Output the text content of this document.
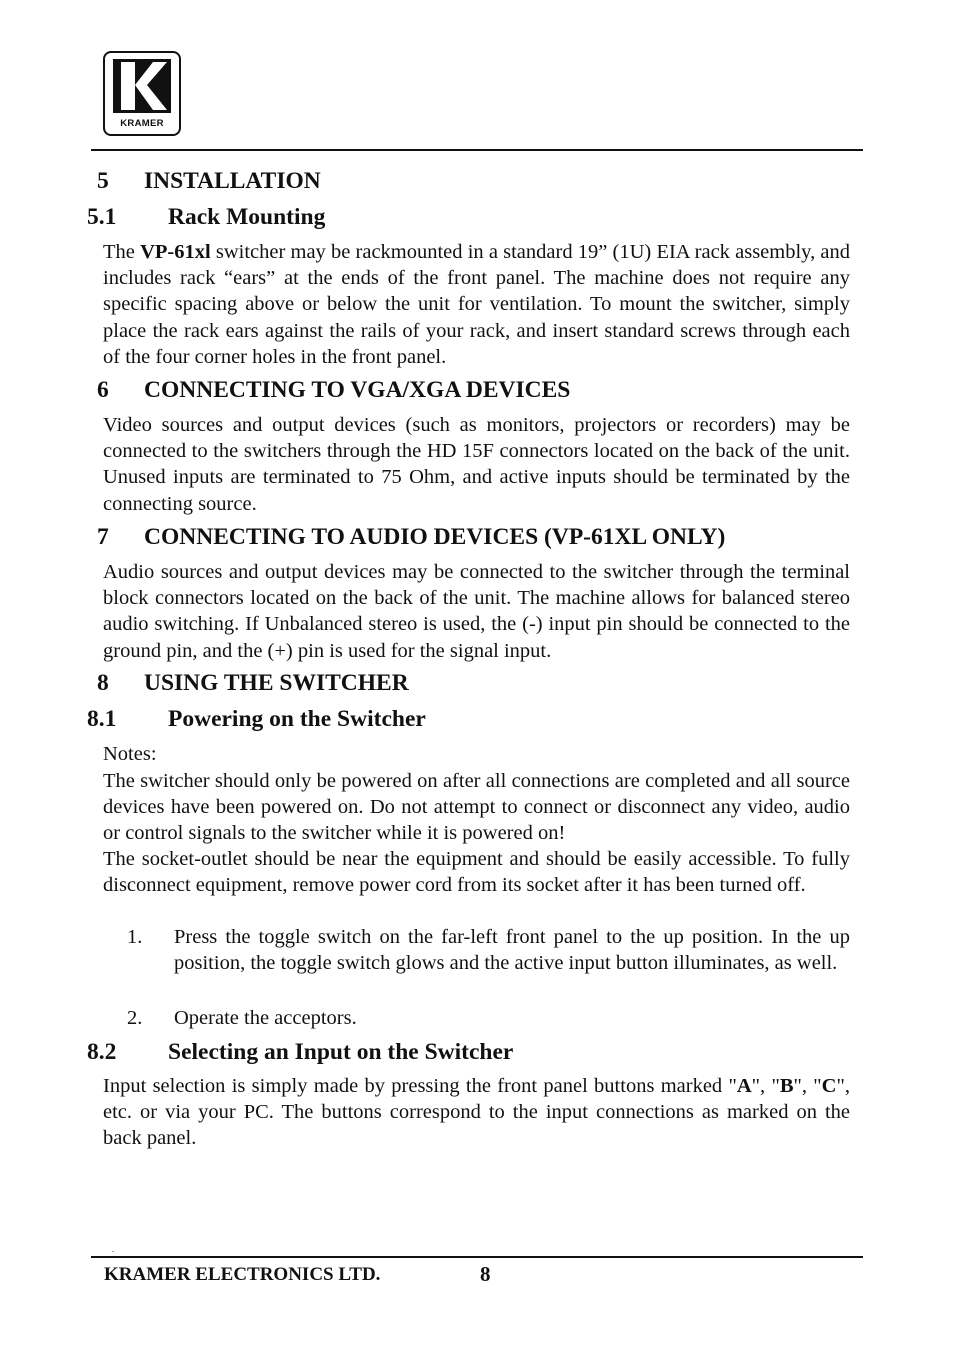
KRAMER
5 INSTALLATION
5.1 Rack Mounting
The VP-61xl switcher may be rackmounted in a standard 19” (1U) EIA rack assembly, and includes rack “ears” at the ends of the front panel. The machine does not require any specific spacing above or below the unit for ventilation. To mount the switcher, simply place the rack ears against the rails of your rack, and insert standard screws through each of the four corner holes in the front panel.
6 CONNECTING TO VGA/XGA DEVICES
Video sources and output devices (such as monitors, projectors or recorders) may be connected to the switchers through the HD 15F connectors located on the back of the unit. Unused inputs are terminated to 75 Ohm, and active inputs should be terminated by the connecting source.
7 CONNECTING TO AUDIO DEVICES (VP-61XL ONLY)
Audio sources and output devices may be connected to the switcher through the terminal block connectors located on the back of the unit. The machine allows for balanced stereo audio switching. If Unbalanced stereo is used, the (-) input pin should be connected to the ground pin, and the (+) pin is used for the signal input.
8 USING THE SWITCHER
8.1 Powering on the Switcher
Notes:
The switcher should only be powered on after all connections are completed and all source devices have been powered on. Do not attempt to connect or disconnect any video, audio or control signals to the switcher while it is powered on!
The socket-outlet should be near the equipment and should be easily accessible. To fully disconnect equipment, remove power cord from its socket after it has been turned off.
1. Press the toggle switch on the far-left front panel to the up position. In the up position, the toggle switch glows and the active input button illuminates, as well.
2. Operate the acceptors.
8.2 Selecting an Input on the Switcher
Input selection is simply made by pressing the front panel buttons marked "A", "B", "C", etc. or via your PC. The buttons correspond to the input connections as marked on the back panel.
.
KRAMER ELECTRONICS LTD.	8
